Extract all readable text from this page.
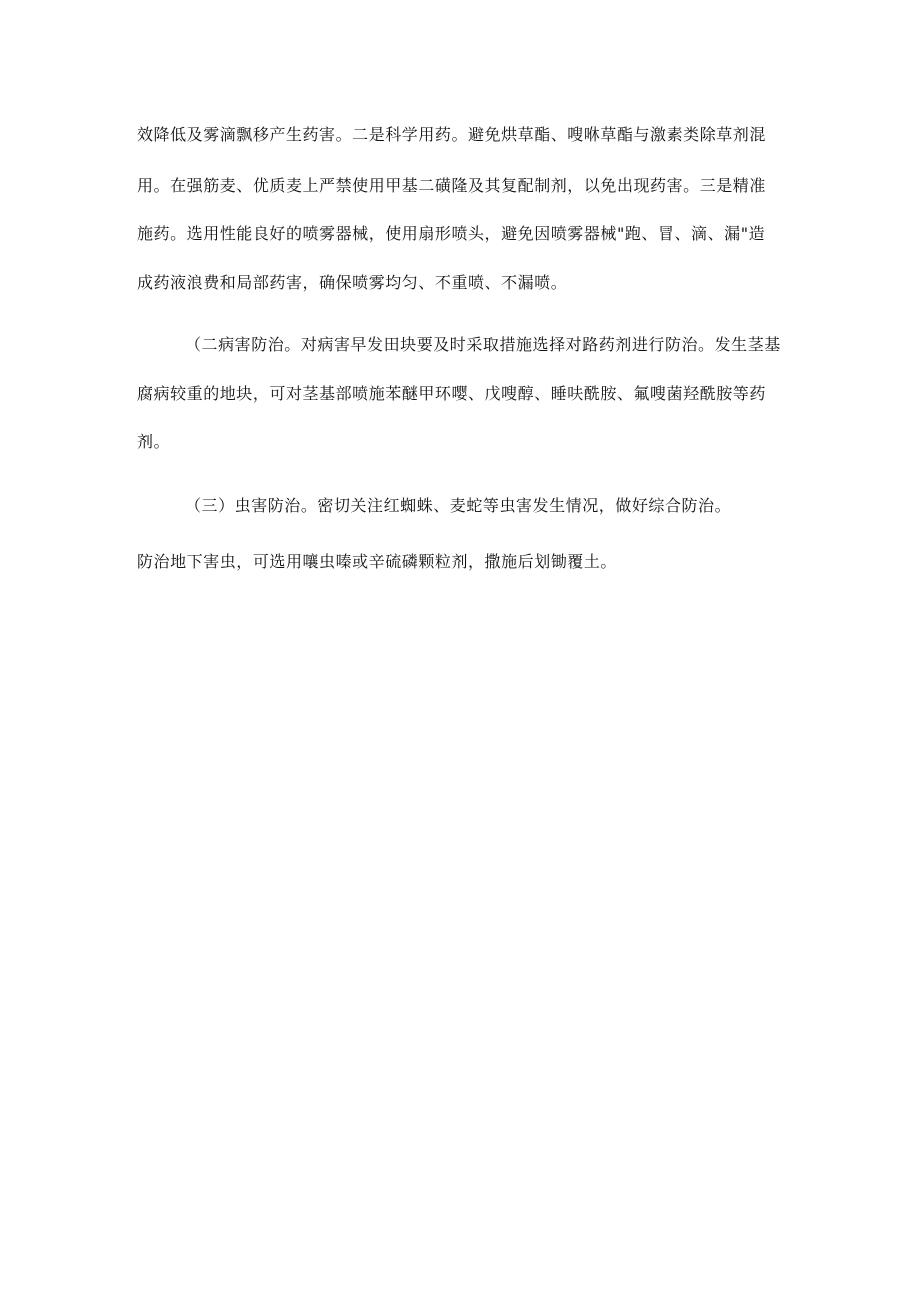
效降低及雾滴飘移产生药害。二是科学用药。避免烘草酯、嗖咻草酯与激素类除草剂混
用。在强筋麦、优质麦上严禁使用甲基二磺隆及其复配制剂，以免出现药害。三是精准
施药。选用性能良好的喷雾器械，使用扇形喷头，避免因喷雾器械"跑、冒、滴、漏"造
成药液浪费和局部药害，确保喷雾均匀、不重喷、不漏喷。
（二病害防治。对病害早发田块要及时采取措施选择对路药剂进行防治。发生茎基
腐病较重的地块，可对茎基部喷施苯醚甲环嘤、戊嗖醇、睡呋酰胺、氟嗖菌羟酰胺等药
剂。
（三）虫害防治。密切关注红蜘蛛、麦蛇等虫害发生情况，做好综合防治。
防治地下害虫，可选用嚷虫嗪或辛硫磷颗粒剂，撒施后划锄覆土。
